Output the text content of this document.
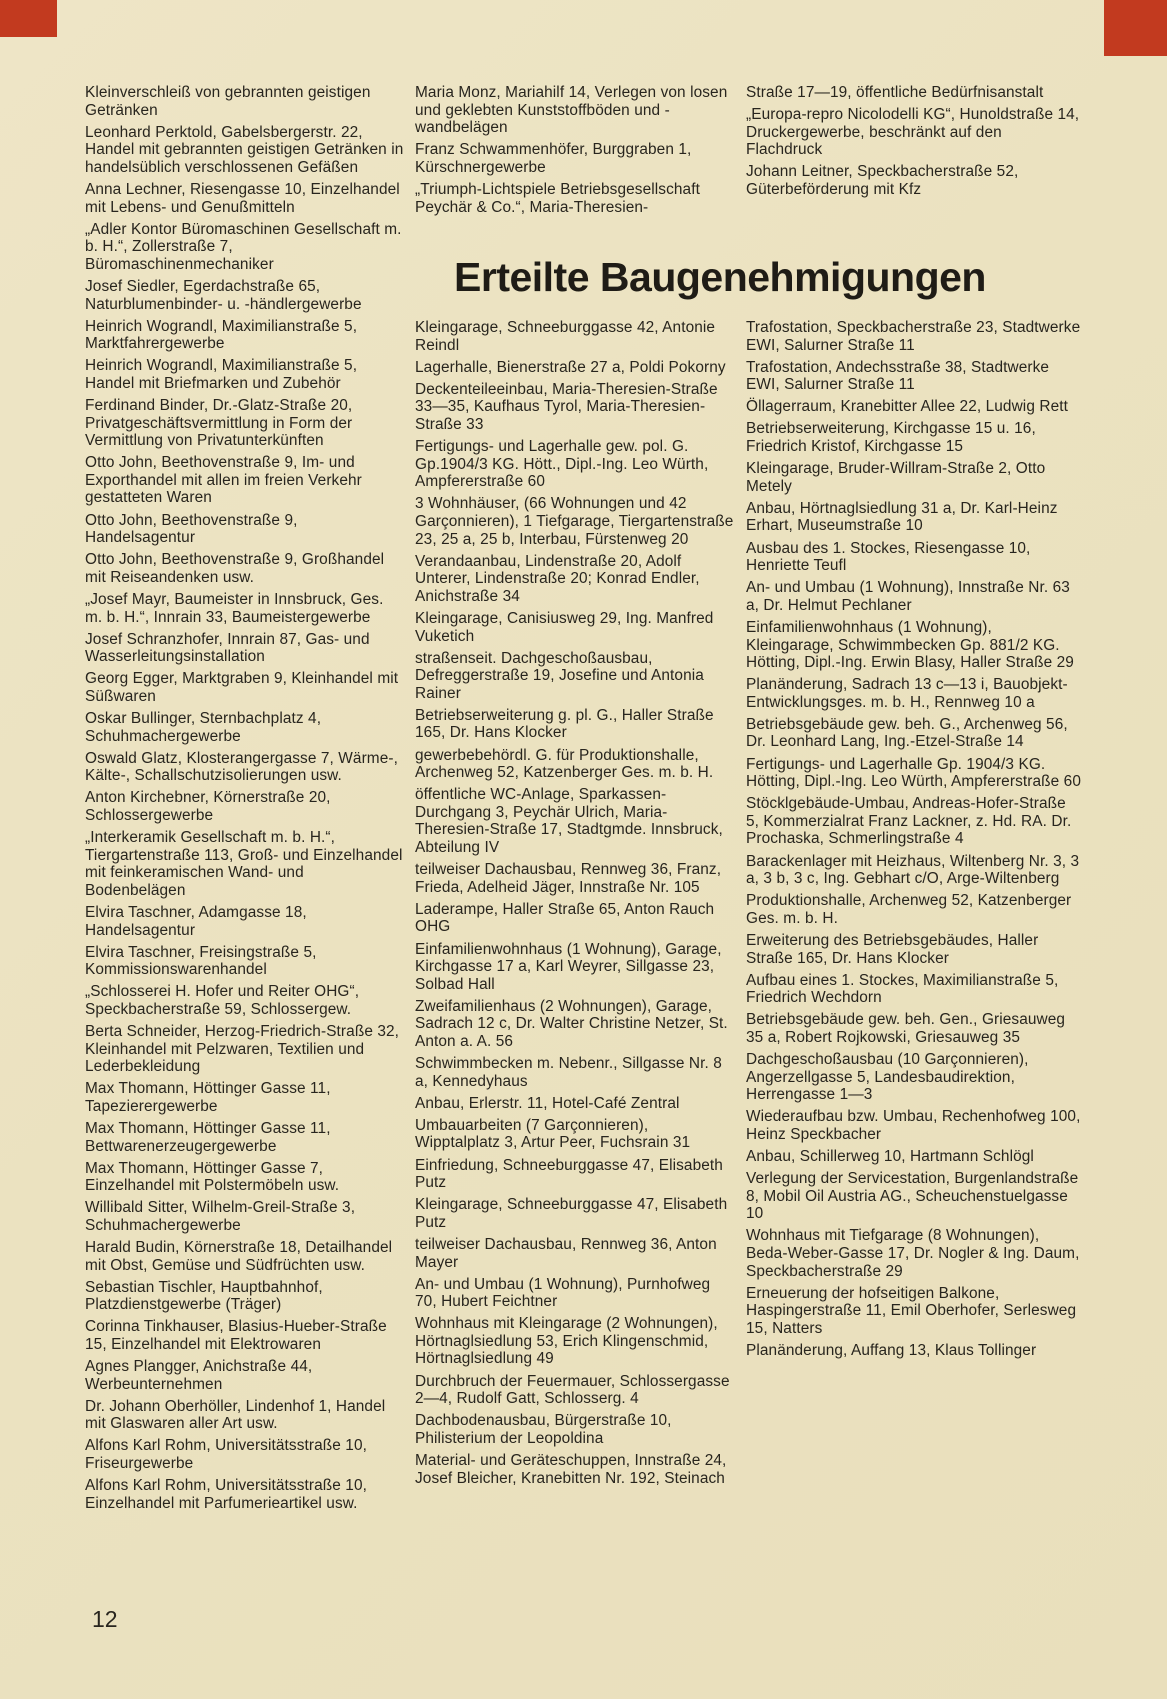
Kleinverschleiß von gebrannten geistigen Getränken

Leonhard Perktold, Gabelsbergerstr. 22, Handel mit gebrannten geistigen Getränken in handelsüblich verschlossenen Gefäßen

Anna Lechner, Riesengasse 10, Einzelhandel mit Lebens- und Genußmitteln

„Adler Kontor Büromaschinen Gesellschaft m. b. H.“, Zollerstraße 7, Büromaschinenmechaniker

Josef Siedler, Egerdachstraße 65, Naturblumenbinder- u. -händlergewerbe

Heinrich Wograndl, Maximilianstraße 5, Marktfahrergewerbe

Heinrich Wograndl, Maximilianstraße 5, Handel mit Briefmarken und Zubehör

Ferdinand Binder, Dr.-Glatz-Straße 20, Privatgeschäftsvermittlung in Form der Vermittlung von Privatunterkünften

Otto John, Beethovenstraße 9, Im- und Exporthandel mit allen im freien Verkehr gestatteten Waren

Otto John, Beethovenstraße 9, Handelsagentur

Otto John, Beethovenstraße 9, Großhandel mit Reiseandenken usw.

„Josef Mayr, Baumeister in Innsbruck, Ges. m. b. H.“, Innrain 33, Baumeistergewerbe

Josef Schranzhofer, Innrain 87, Gas- und Wasserleitungsinstallation

Georg Egger, Marktgraben 9, Kleinhandel mit Süßwaren

Oskar Bullinger, Sternbachplatz 4, Schuhmachergewerbe

Oswald Glatz, Klosterangergasse 7, Wärme-, Kälte-, Schallschutzisolierungen usw.

Anton Kirchebner, Körnerstraße 20, Schlossergewerbe

„Interkeramik Gesellschaft m. b. H.“, Tiergartenstraße 113, Groß- und Einzelhandel mit feinkeramischen Wand- und Bodenbelägen

Elvira Taschner, Adamgasse 18, Handelsagentur

Elvira Taschner, Freisingstraße 5, Kommissionswarenhandel

„Schlosserei H. Hofer und Reiter OHG“, Speckbacherstraße 59, Schlossergew.

Berta Schneider, Herzog-Friedrich-Straße 32, Kleinhandel mit Pelzwaren, Textilien und Lederbekleidung

Max Thomann, Höttinger Gasse 11, Tapezierergewerbe

Max Thomann, Höttinger Gasse 11, Bettwarenerzeugergewerbe

Max Thomann, Höttinger Gasse 7, Einzelhandel mit Polstermöbeln usw.

Willibald Sitter, Wilhelm-Greil-Straße 3, Schuhmachergewerbe

Harald Budin, Körnerstraße 18, Detailhandel mit Obst, Gemüse und Südfrüchten usw.

Sebastian Tischler, Hauptbahnhof, Platzdienstgewerbe (Träger)

Corinna Tinkhauser, Blasius-Hueber-Straße 15, Einzelhandel mit Elektrowaren

Agnes Plangger, Anichstraße 44, Werbeunternehmen

Dr. Johann Oberhöller, Lindenhof 1, Handel mit Glaswaren aller Art usw.

Alfons Karl Rohm, Universitätsstraße 10, Friseurgewerbe

Alfons Karl Rohm, Universitätsstraße 10, Einzelhandel mit Parfumerieartikel usw.

Maria Monz, Mariahilf 14, Verlegen von losen und geklebten Kunststoffböden und -wandbelägen

Franz Schwammenhöfer, Burggraben 1, Kürschnergewerbe

„Triumph-Lichtspiele Betriebsgesellschaft Peychär & Co.“, Maria-Theresien-

Straße 17—19, öffentliche Bedürfnisanstalt

„Europa-repro Nicolodelli KG“, Hunoldstraße 14, Druckergewerbe, beschränkt auf den Flachdruck

Johann Leitner, Speckbacherstraße 52, Güterbeförderung mit Kfz

Erteilte Baugenehmigungen

Kleingarage, Schneeburggasse 42, Antonie Reindl

Lagerhalle, Bienerstraße 27 a, Poldi Pokorny

Deckenteileeinbau, Maria-Theresien-Straße 33—35, Kaufhaus Tyrol, Maria-Theresien-Straße 33

Fertigungs- und Lagerhalle gew. pol. G. Gp.1904/3 KG. Hött., Dipl.-Ing. Leo Würth, Ampfererstraße 60

3 Wohnhäuser, (66 Wohnungen und 42 Garçonnieren), 1 Tiefgarage, Tiergartenstraße 23, 25 a, 25 b, Interbau, Fürstenweg 20

Verandaanbau, Lindenstraße 20, Adolf Unterer, Lindenstraße 20; Konrad Endler, Anichstraße 34

Kleingarage, Canisiusweg 29, Ing. Manfred Vuketich

straßenseit. Dachgeschoßausbau, Defreggerstraße 19, Josefine und Antonia Rainer

Betriebserweiterung g. pl. G., Haller Straße 165, Dr. Hans Klocker

gewerbebehördl. G. für Produktionshalle, Archenweg 52, Katzenberger Ges. m. b. H.

öffentliche WC-Anlage, Sparkassen-Durchgang 3, Peychär Ulrich, Maria-Theresien-Straße 17, Stadtgmde. Innsbruck, Abteilung IV

teilweiser Dachausbau, Rennweg 36, Franz, Frieda, Adelheid Jäger, Innstraße Nr. 105

Laderampe, Haller Straße 65, Anton Rauch OHG

Einfamilienwohnhaus (1 Wohnung), Garage, Kirchgasse 17 a, Karl Weyrer, Sillgasse 23, Solbad Hall

Zweifamilienhaus (2 Wohnungen), Garage, Sadrach 12 c, Dr. Walter Christine Netzer, St. Anton a. A. 56

Schwimmbecken m. Nebenr., Sillgasse Nr. 8 a, Kennedyhaus

Anbau, Erlerstr. 11, Hotel-Café Zentral

Umbauarbeiten (7 Garçonnieren), Wipptalplatz 3, Artur Peer, Fuchsrain 31

Einfriedung, Schneeburggasse 47, Elisabeth Putz

Kleingarage, Schneeburggasse 47, Elisabeth Putz

teilweiser Dachausbau, Rennweg 36, Anton Mayer

An- und Umbau (1 Wohnung), Purnhofweg 70, Hubert Feichtner

Wohnhaus mit Kleingarage (2 Wohnungen), Hörtnaglsiedlung 53, Erich Klingenschmid, Hörtnaglsiedlung 49

Durchbruch der Feuermauer, Schlossergasse 2—4, Rudolf Gatt, Schlosserg. 4

Dachbodenausbau, Bürgerstraße 10, Philisterium der Leopoldina

Material- und Geräteschuppen, Innstraße 24, Josef Bleicher, Kranebitten Nr. 192, Steinach

Trafostation, Speckbacherstraße 23, Stadtwerke EWI, Salurner Straße 11

Trafostation, Andechsstraße 38, Stadtwerke EWI, Salurner Straße 11

Öllagerraum, Kranebitter Allee 22, Ludwig Rett

Betriebserweiterung, Kirchgasse 15 u. 16, Friedrich Kristof, Kirchgasse 15

Kleingarage, Bruder-Willram-Straße 2, Otto Metely

Anbau, Hörtnaglsiedlung 31 a, Dr. Karl-Heinz Erhart, Museumstraße 10

Ausbau des 1. Stockes, Riesengasse 10, Henriette Teufl

An- und Umbau (1 Wohnung), Innstraße Nr. 63 a, Dr. Helmut Pechlaner

Einfamilienwohnhaus (1 Wohnung), Kleingarage, Schwimmbecken Gp. 881/2 KG. Hötting, Dipl.-Ing. Erwin Blasy, Haller Straße 29

Planänderung, Sadrach 13 c—13 i, Bauobjekt-Entwicklungsges. m. b. H., Rennweg 10 a

Betriebsgebäude gew. beh. G., Archenweg 56, Dr. Leonhard Lang, Ing.-Etzel-Straße 14

Fertigungs- und Lagerhalle Gp. 1904/3 KG. Hötting, Dipl.-Ing. Leo Würth, Ampfererstraße 60

Stöcklgebäude-Umbau, Andreas-Hofer-Straße 5, Kommerzialrat Franz Lackner, z. Hd. RA. Dr. Prochaska, Schmerlingstraße 4

Barackenlager mit Heizhaus, Wiltenberg Nr. 3, 3 a, 3 b, 3 c, Ing. Gebhart c/O, Arge-Wiltenberg

Produktionshalle, Archenweg 52, Katzenberger Ges. m. b. H.

Erweiterung des Betriebsgebäudes, Haller Straße 165, Dr. Hans Klocker

Aufbau eines 1. Stockes, Maximilianstraße 5, Friedrich Wechdorn

Betriebsgebäude gew. beh. Gen., Griesauweg 35 a, Robert Rojkowski, Griesauweg 35

Dachgeschoßausbau (10 Garçonnieren), Angerzellgasse 5, Landesbaudirektion, Herrengasse 1—3

Wiederaufbau bzw. Umbau, Rechenhofweg 100, Heinz Speckbacher

Anbau, Schillerweg 10, Hartmann Schlögl

Verlegung der Servicestation, Burgenlandstraße 8, Mobil Oil Austria AG., Scheuchenstuelgasse 10

Wohnhaus mit Tiefgarage (8 Wohnungen), Beda-Weber-Gasse 17, Dr. Nogler & Ing. Daum, Speckbacherstraße 29

Erneuerung der hofseitigen Balkone, Haspingerstraße 11, Emil Oberhofer, Serlesweg 15, Natters

Planänderung, Auffang 13, Klaus Tollinger

12
